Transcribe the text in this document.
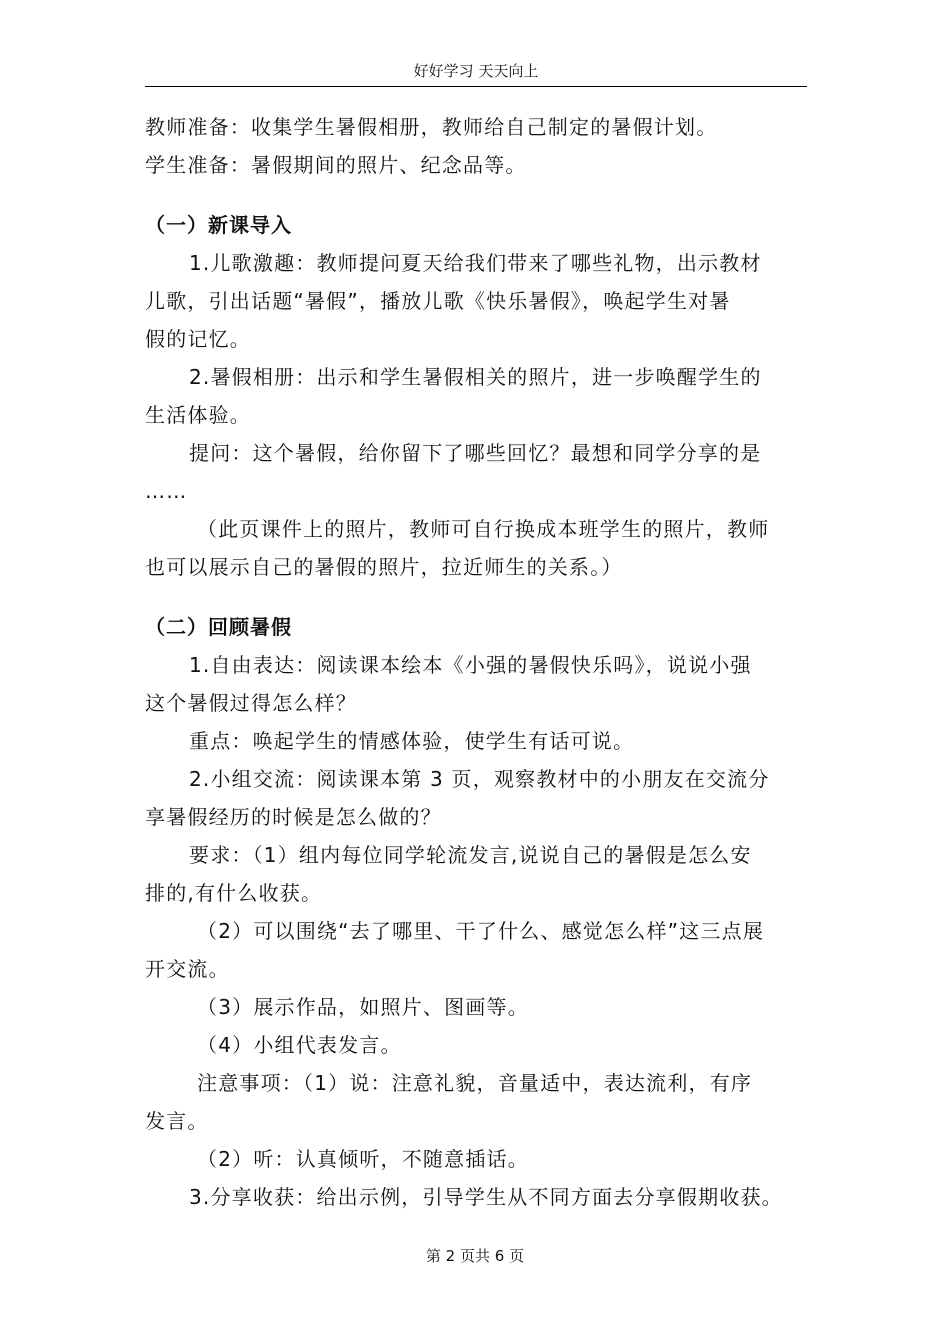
好好学习 天天向上

教师准备：收集学生暑假相册，教师给自己制定的暑假计划。

学生准备：暑假期间的照片、纪念品等。

（一）新课导入

1.儿歌激趣：教师提问夏天给我们带来了哪些礼物，出示教材

儿歌，引出话题“暑假”，播放儿歌《快乐暑假》，唤起学生对暑

假的记忆。

2.暑假相册：出示和学生暑假相关的照片，进一步唤醒学生的

生活体验。

提问：这个暑假，给你留下了哪些回忆？最想和同学分享的是

……

（此页课件上的照片，教师可自行换成本班学生的照片，教师

也可以展示自己的暑假的照片，拉近师生的关系。）

（二）回顾暑假

1.自由表达：阅读课本绘本《小强的暑假快乐吗》，说说小强

这个暑假过得怎么样？

重点：唤起学生的情感体验，使学生有话可说。

2.小组交流：阅读课本第 3 页，观察教材中的小朋友在交流分

享暑假经历的时候是怎么做的？

要求：（1）组内每位同学轮流发言,说说自己的暑假是怎么安

排的,有什么收获。

（2）可以围绕“去了哪里、干了什么、感觉怎么样”这三点展

开交流。

（3）展示作品，如照片、图画等。

（4）小组代表发言。

注意事项：（1）说：注意礼貌，音量适中，表达流利，有序

发言。

（2）听：认真倾听，不随意插话。

3.分享收获：给出示例，引导学生从不同方面去分享假期收获。

第 2 页共 6 页
